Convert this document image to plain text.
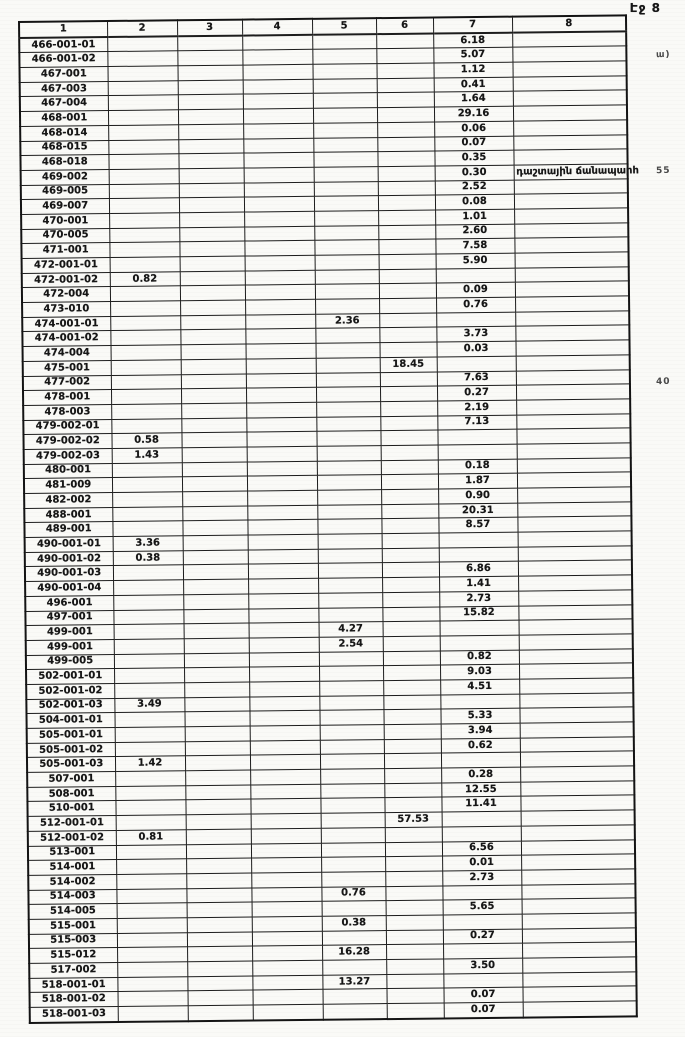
Էջ 8
1	2	3	4	5	6	7	8
466-001-01						6.18	
466-001-02						5.07	
467-001						1.12	
467-003						0.41	
467-004						1.64	
468-001						29.16	
468-014						0.06	
468-015						0.07	
468-018						0.35	
469-002						0.30	դաշտային ճանապարհ
469-005						2.52	
469-007						0.08	
470-001						1.01	
470-005						2.60	
471-001						7.58	
472-001-01						5.90	
472-001-02	0.82						
472-004						0.09	
473-010						0.76	
474-001-01				2.36			
474-001-02						3.73	
474-004						0.03	
475-001					18.45		
477-002						7.63	
478-001						0.27	
478-003						2.19	
479-002-01						7.13	
479-002-02	0.58						
479-002-03	1.43						
480-001						0.18	
481-009						1.87	
482-002						0.90	
488-001						20.31	
489-001						8.57	
490-001-01	3.36						
490-001-02	0.38						
490-001-03						6.86	
490-001-04						1.41	
496-001						2.73	
497-001						15.82	
499-001				4.27			
499-001				2.54			
499-005						0.82	
502-001-01						9.03	
502-001-02						4.51	
502-001-03	3.49						
504-001-01						5.33	
505-001-01						3.94	
505-001-02						0.62	
505-001-03	1.42						
507-001						0.28	
508-001						12.55	
510-001						11.41	
512-001-01					57.53		
512-001-02	0.81						
513-001						6.56	
514-001						0.01	
514-002						2.73	
514-003				0.76			
514-005						5.65	
515-001				0.38			
515-003						0.27	
515-012				16.28			
517-002						3.50	
518-001-01				13.27			
518-001-02						0.07	
518-001-03						0.07	
ա)
55
40
